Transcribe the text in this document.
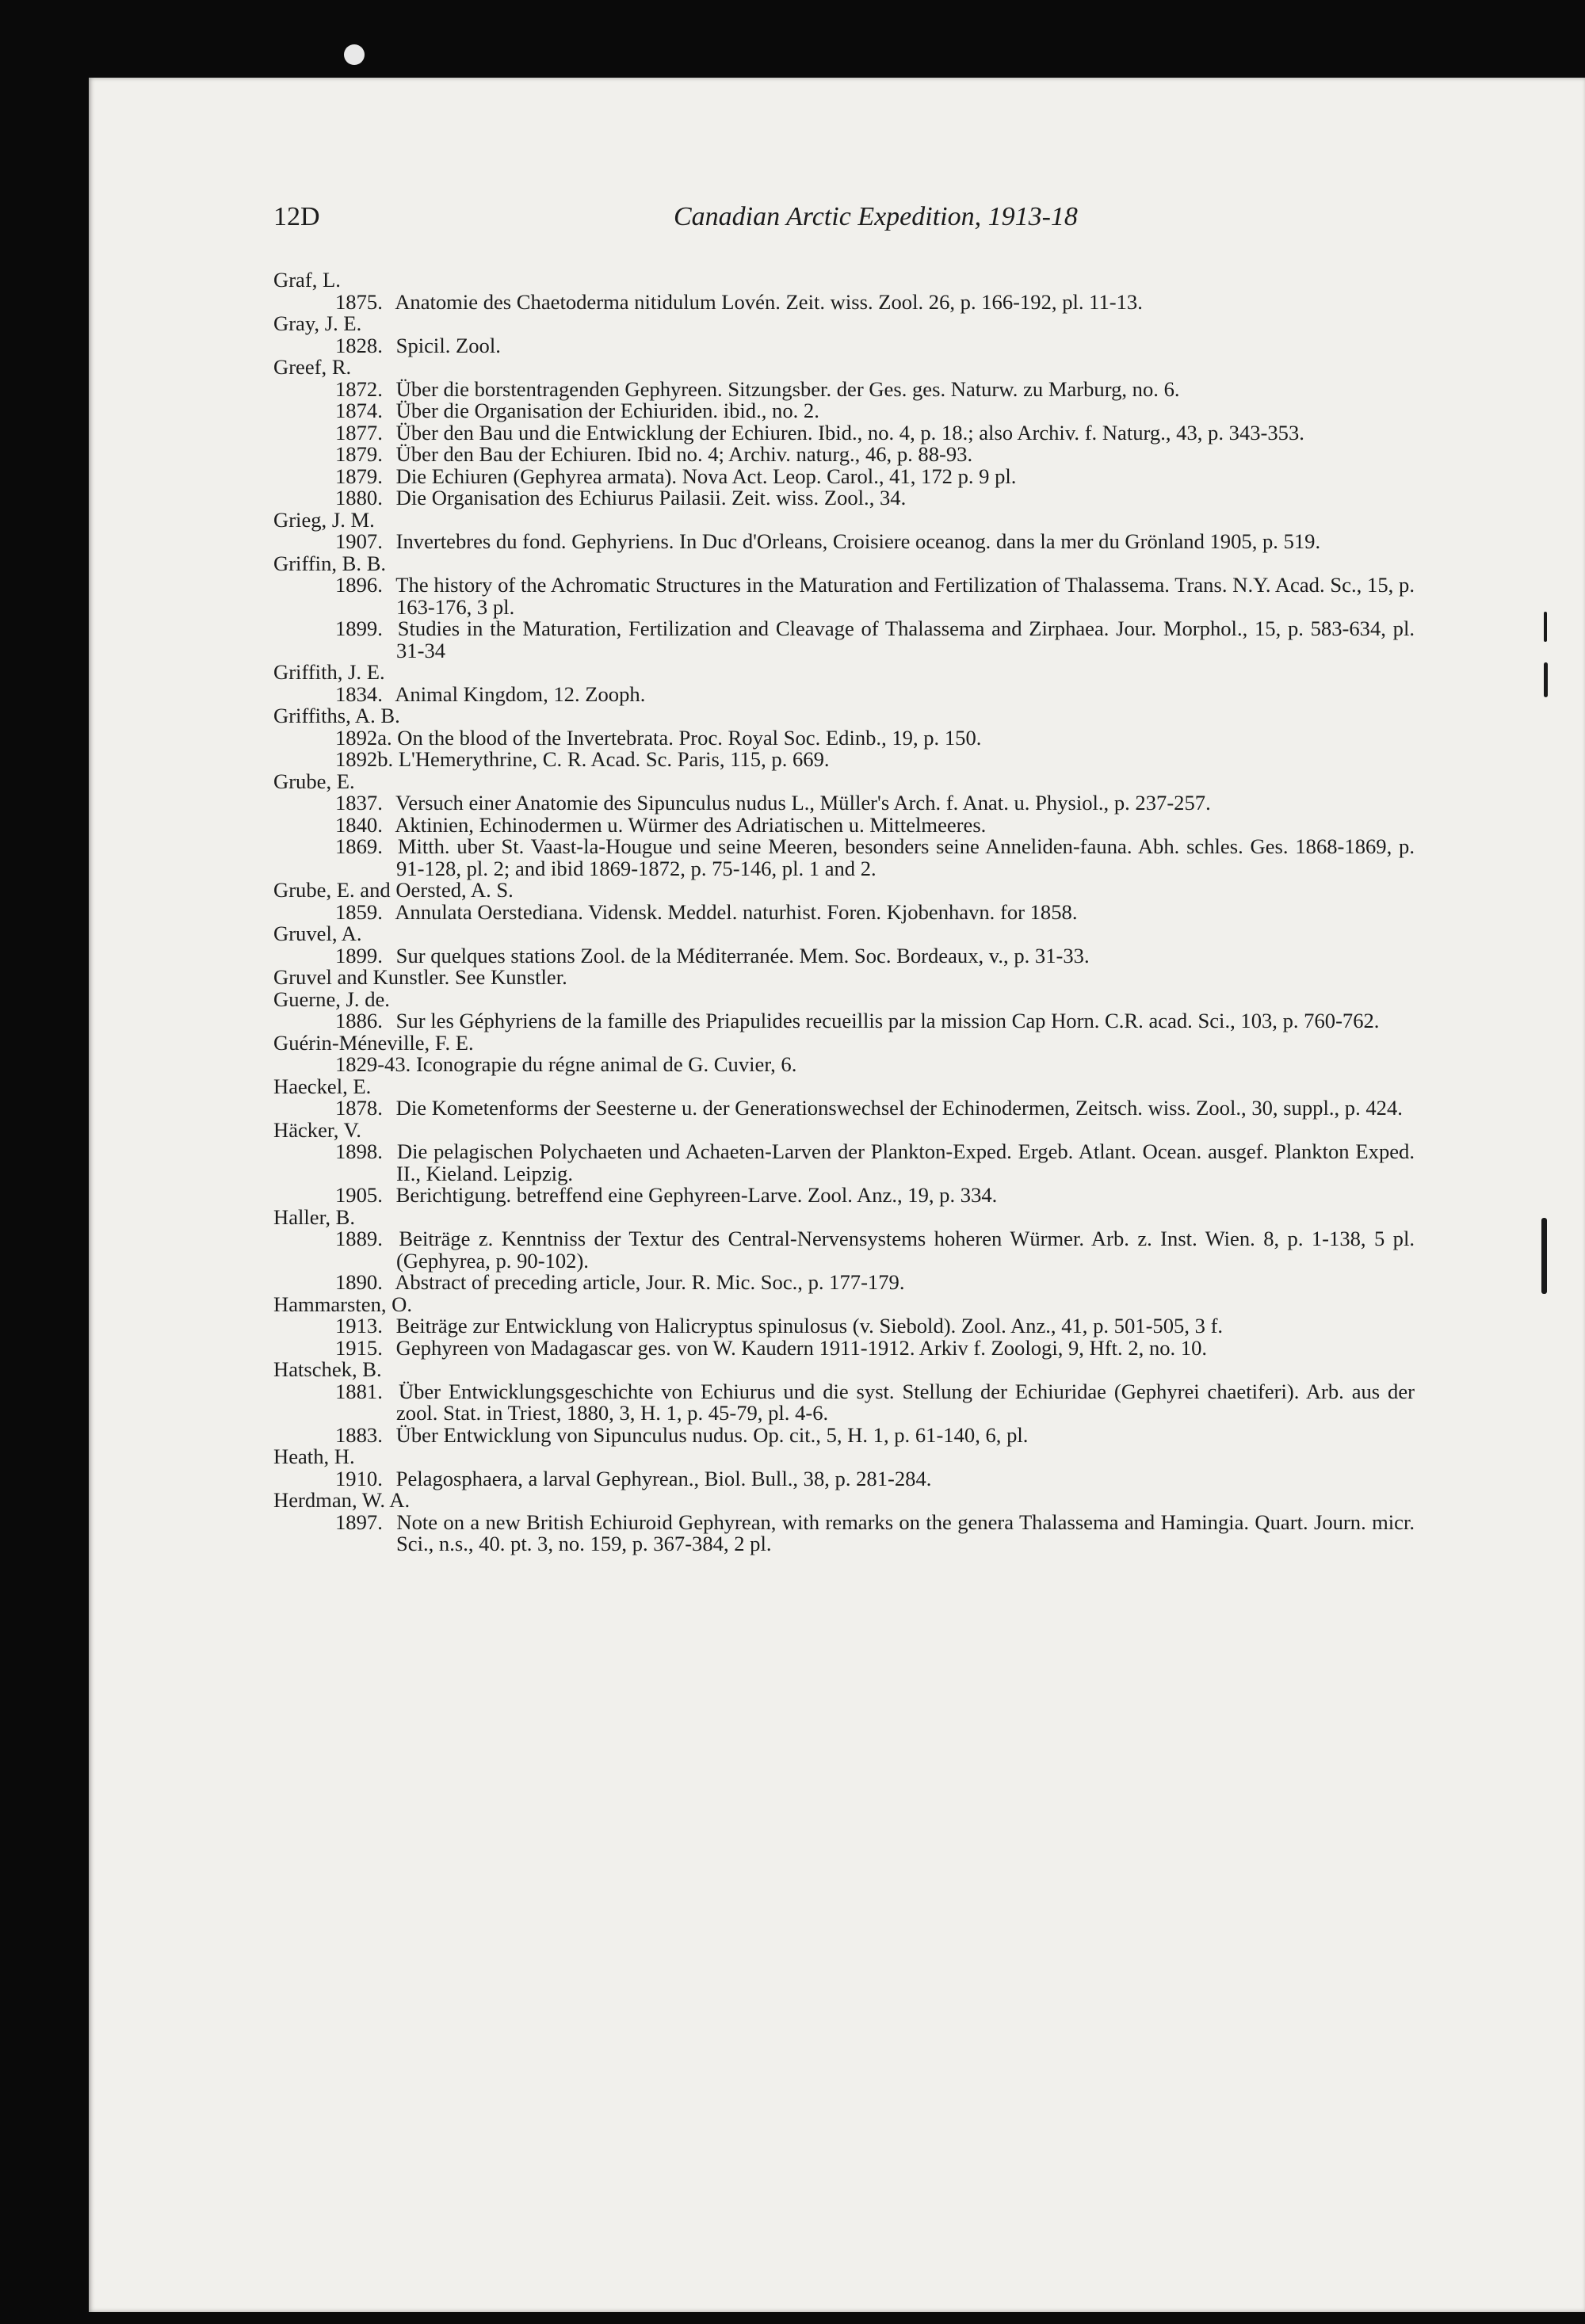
12D	Canadian Arctic Expedition, 1913-18

Graf, L.

1875. Anatomie des Chaetoderma nitidulum Lovén. Zeit. wiss. Zool. 26, p. 166-192, pl. 11-13.

Gray, J. E.

1828. Spicil. Zool.

Greef, R.

1872. Über die borstentragenden Gephyreen. Sitzungsber. der Ges. ges. Naturw. zu Marburg, no. 6.

1874. Über die Organisation der Echiuriden. ibid., no. 2.

1877. Über den Bau und die Entwicklung der Echiuren. Ibid., no. 4, p. 18.; also Archiv. f. Naturg., 43, p. 343-353.

1879. Über den Bau der Echiuren. Ibid no. 4; Archiv. naturg., 46, p. 88-93.

1879. Die Echiuren (Gephyrea armata). Nova Act. Leop. Carol., 41, 172 p. 9 pl.

1880. Die Organisation des Echiurus Pailasii. Zeit. wiss. Zool., 34.

Grieg, J. M.

1907. Invertebres du fond. Gephyriens. In Duc d'Orleans, Croisiere oceanog. dans la mer du Grönland 1905, p. 519.

Griffin, B. B.

1896. The history of the Achromatic Structures in the Maturation and Fertilization of Thalassema. Trans. N.Y. Acad. Sc., 15, p. 163-176, 3 pl.

1899. Studies in the Maturation, Fertilization and Cleavage of Thalassema and Zirphaea. Jour. Morphol., 15, p. 583-634, pl. 31-34

Griffith, J. E.

1834. Animal Kingdom, 12. Zooph.

Griffiths, A. B.

1892a. On the blood of the Invertebrata. Proc. Royal Soc. Edinb., 19, p. 150.

1892b. L'Hemerythrine, C. R. Acad. Sc. Paris, 115, p. 669.

Grube, E.

1837. Versuch einer Anatomie des Sipunculus nudus L., Müller's Arch. f. Anat. u. Physiol., p. 237-257.

1840. Aktinien, Echinodermen u. Würmer des Adriatischen u. Mittelmeeres.

1869. Mitth. uber St. Vaast-la-Hougue und seine Meeren, besonders seine Anneliden-fauna. Abh. schles. Ges. 1868-1869, p. 91-128, pl. 2; and ibid 1869-1872, p. 75-146, pl. 1 and 2.

Grube, E. and Oersted, A. S.

1859. Annulata Oerstediana. Vidensk. Meddel. naturhist. Foren. Kjobenhavn. for 1858.

Gruvel, A.

1899. Sur quelques stations Zool. de la Méditerranée. Mem. Soc. Bordeaux, v., p. 31-33.

Gruvel and Kunstler. See Kunstler.

Guerne, J. de.

1886. Sur les Géphyriens de la famille des Priapulides recueillis par la mission Cap Horn. C.R. acad. Sci., 103, p. 760-762.

Guérin-Méneville, F. E.

1829-43. Iconograpie du régne animal de G. Cuvier, 6.

Haeckel, E.

1878. Die Kometenforms der Seesterne u. der Generationswechsel der Echinodermen, Zeitsch. wiss. Zool., 30, suppl., p. 424.

Häcker, V.

1898. Die pelagischen Polychaeten und Achaeten-Larven der Plankton-Exped. Ergeb. Atlant. Ocean. ausgef. Plankton Exped. II., Kieland. Leipzig.

1905. Berichtigung. betreffend eine Gephyreen-Larve. Zool. Anz., 19, p. 334.

Haller, B.

1889. Beiträge z. Kenntniss der Textur des Central-Nervensystems hoheren Würmer. Arb. z. Inst. Wien. 8, p. 1-138, 5 pl. (Gephyrea, p. 90-102).

1890. Abstract of preceding article, Jour. R. Mic. Soc., p. 177-179.

Hammarsten, O.

1913. Beiträge zur Entwicklung von Halicryptus spinulosus (v. Siebold). Zool. Anz., 41, p. 501-505, 3 f.

1915. Gephyreen von Madagascar ges. von W. Kaudern 1911-1912. Arkiv f. Zoologi, 9, Hft. 2, no. 10.

Hatschek, B.

1881. Über Entwicklungsgeschichte von Echiurus und die syst. Stellung der Echiuridae (Gephyrei chaetiferi). Arb. aus der zool. Stat. in Triest, 1880, 3, H. 1, p. 45-79, pl. 4-6.

1883. Über Entwicklung von Sipunculus nudus. Op. cit., 5, H. 1, p. 61-140, 6, pl.

Heath, H.

1910. Pelagosphaera, a larval Gephyrean., Biol. Bull., 38, p. 281-284.

Herdman, W. A.

1897. Note on a new British Echiuroid Gephyrean, with remarks on the genera Thalassema and Hamingia. Quart. Journ. micr. Sci., n.s., 40. pt. 3, no. 159, p. 367-384, 2 pl.
